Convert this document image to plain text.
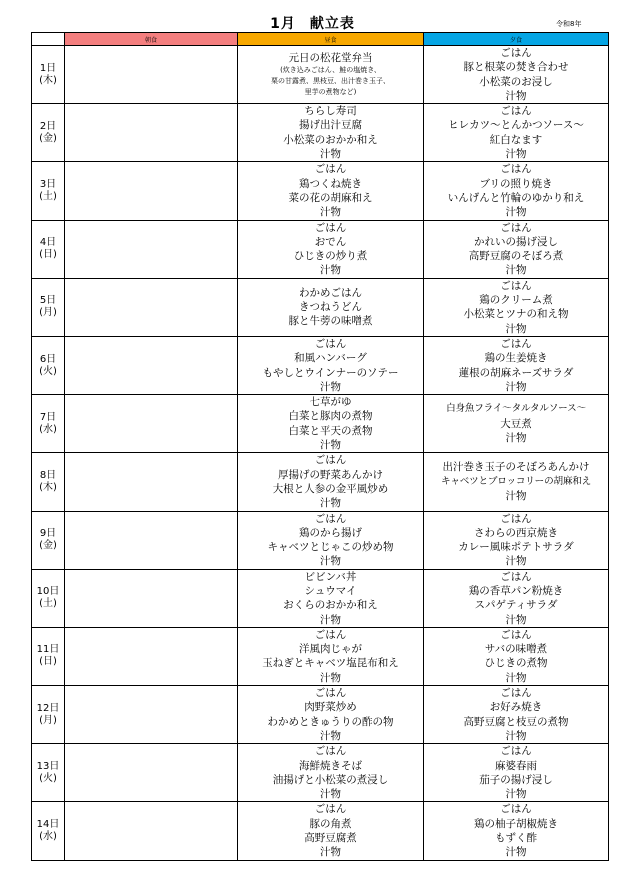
1月 献立表	令和8年
	朝食	昼食	夕食
1日
(木)		元日の松花堂弁当
(炊き込みごはん、鮭の塩焼き、
栗の甘露煮、黒枝豆、出汁巻き玉子、
里芋の煮物など)	ごはん
豚と根菜の焚き合わせ
小松菜のお浸し
汁物

2日
(金)		ちらし寿司
揚げ出汁豆腐
小松菜のおかか和え
汁物	ごはん
ヒレカツ～とんかつソース～
紅白なます
汁物

3日
(土)		ごはん
鶏つくね焼き
菜の花の胡麻和え
汁物	ごはん
ブリの照り焼き
いんげんと竹輪のゆかり和え
汁物

4日
(日)		ごはん
おでん
ひじきの炒り煮
汁物	ごはん
かれいの揚げ浸し
高野豆腐のそぼろ煮
汁物

5日
(月)		わかめごはん
きつねうどん
豚と牛蒡の味噌煮	ごはん
鶏のクリーム煮
小松菜とツナの和え物
汁物

6日
(火)		ごはん
和風ハンバーグ
もやしとウインナーのソテー
汁物	ごはん
鶏の生姜焼き
蓮根の胡麻ネーズサラダ
汁物

7日
(水)		七草がゆ
白菜と豚肉の煮物
白菜と平天の煮物
汁物	白身魚フライ～タルタルソース～
大豆煮
汁物

8日
(木)		ごはん
厚揚げの野菜あんかけ
大根と人参の金平風炒め
汁物	出汁巻き玉子のそぼろあんかけ
キャベツとブロッコリーの胡麻和え
汁物

9日
(金)		ごはん
鶏のから揚げ
キャベツとじゃこの炒め物
汁物	ごはん
さわらの西京焼き
カレー風味ポテトサラダ
汁物

10日
(土)		ビビンバ丼
シュウマイ
おくらのおかか和え
汁物	ごはん
鶏の香草パン粉焼き
スパゲティサラダ
汁物

11日
(日)		ごはん
洋風肉じゃが
玉ねぎとキャベツ塩昆布和え
汁物	ごはん
サバの味噌煮
ひじきの煮物
汁物

12日
(月)		ごはん
肉野菜炒め
わかめときゅうりの酢の物
汁物	ごはん
お好み焼き
高野豆腐と枝豆の煮物
汁物

13日
(火)		ごはん
海鮮焼きそば
油揚げと小松菜の煮浸し
汁物	ごはん
麻婆春雨
茄子の揚げ浸し
汁物

14日
(水)		ごはん
豚の角煮
高野豆腐煮
汁物	ごはん
鶏の柚子胡椒焼き
もずく酢
汁物
